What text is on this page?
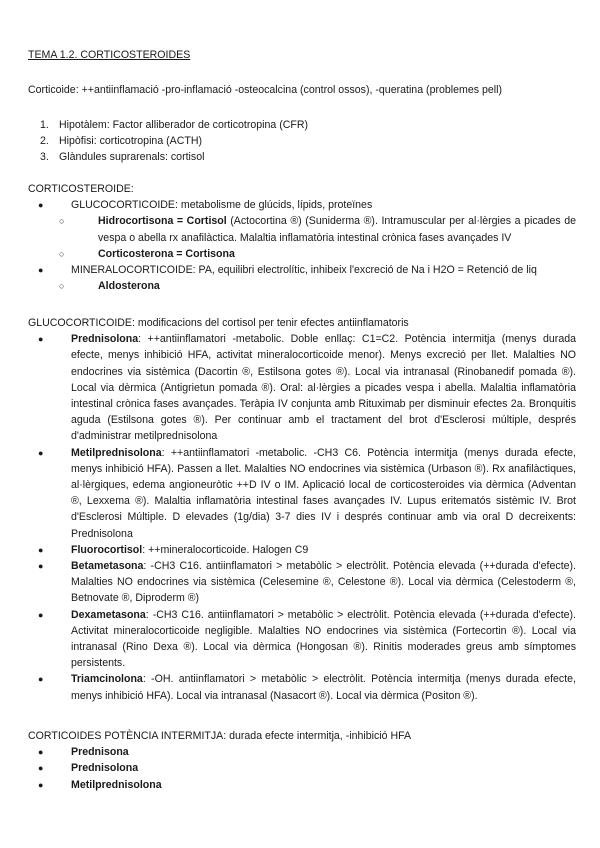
TEMA 1.2. CORTICOSTEROIDES

Corticoide: ++antiinflamació -pro-inflamació -osteocalcina (control ossos), -queratina (problemes pell)

1. Hipotàlem: Factor alliberador de corticotropina (CFR)
2. Hipòfisi: corticotropina (ACTH)
3. Glàndules suprarenals: cortisol

CORTICOSTEROIDE:

●	GLUCOCORTICOIDE: metabolisme de glúcids, lípids, proteïnes
○	Hidrocortisona = Cortisol (Actocortina ®) (Suniderma ®). Intramuscular per al·lèrgies a picades de vespa o abella rx anafilàctica. Malaltia inflamatòria intestinal crònica fases avançades IV
○	Corticosterona = Cortisona
●	MINERALOCORTICOIDE: PA, equilibri electrolític, inhibeix l'excreció de Na i H2O = Retenció de liq
○	Aldosterona

GLUCOCORTICOIDE: modificacions del cortisol per tenir efectes antiinflamatoris

●	Prednisolona: ++antiinflamatori -metabolic. Doble enllaç: C1=C2. Potència intermitja (menys durada efecte, menys inhibició HFA, activitat mineralocorticoide menor). Menys excreció per llet. Malalties NO endocrines via sistèmica (Dacortin ®, Estilsona gotes ®). Local via intranasal (Rinobanedif pomada ®). Local via dèrmica (Antigrietun pomada ®). Oral: al·lèrgies a picades vespa i abella. Malaltia inflamatòria intestinal crònica fases avançades. Teràpia IV conjunta amb Rituximab per disminuir efectes 2a. Bronquitis aguda (Estilsona gotes ®). Per continuar amb el tractament del brot d'Esclerosi múltiple, després d'administrar metilprednisolona
●	Metilprednisolona: ++antiinflamatori -metabolic. -CH3 C6. Potència intermitja (menys durada efecte, menys inhibició HFA). Passen a llet. Malalties NO endocrines via sistèmica (Urbason ®). Rx anafilàctiques, al·lèrgiques, edema angioneuròtic ++D IV o IM. Aplicació local de corticosteroides via dèrmica (Adventan ®, Lexxema ®). Malaltia inflamatòria intestinal fases avançades IV. Lupus eritematós sistèmic IV. Brot d'Esclerosi Múltiple. D elevades (1g/dia) 3-7 dies IV i després continuar amb via oral D decreixents: Prednisolona
●	Fluorocortisol: ++mineralocorticoide. Halogen C9
●	Betametasona: -CH3 C16. antiinflamatori > metabòlic > electròlit. Potència elevada (++durada d'efecte). Malalties NO endocrines via sistèmica (Celesemine ®, Celestone ®). Local via dèrmica (Celestoderm ®, Betnovate ®, Diproderm ®)
●	Dexametasona: -CH3 C16. antiinflamatori > metabòlic > electròlit. Potència elevada (++durada d'efecte). Activitat mineralocorticoide negligible. Malalties NO endocrines via sistèmica (Fortecortin ®). Local via intranasal (Rino Dexa ®). Local via dèrmica (Hongosan ®). Rinitis moderades greus amb símptomes persistents.
●	Triamcinolona: -OH. antiinflamatori > metabòlic > electròlit. Potència intermitja (menys durada efecte, menys inhibició HFA). Local via intranasal (Nasacort ®). Local via dèrmica (Positon ®).

CORTICOIDES POTÈNCIA INTERMITJA: durada efecte intermitja, -inhibició HFA

●	Prednisona
●	Prednisolona
●	Metilprednisolona
